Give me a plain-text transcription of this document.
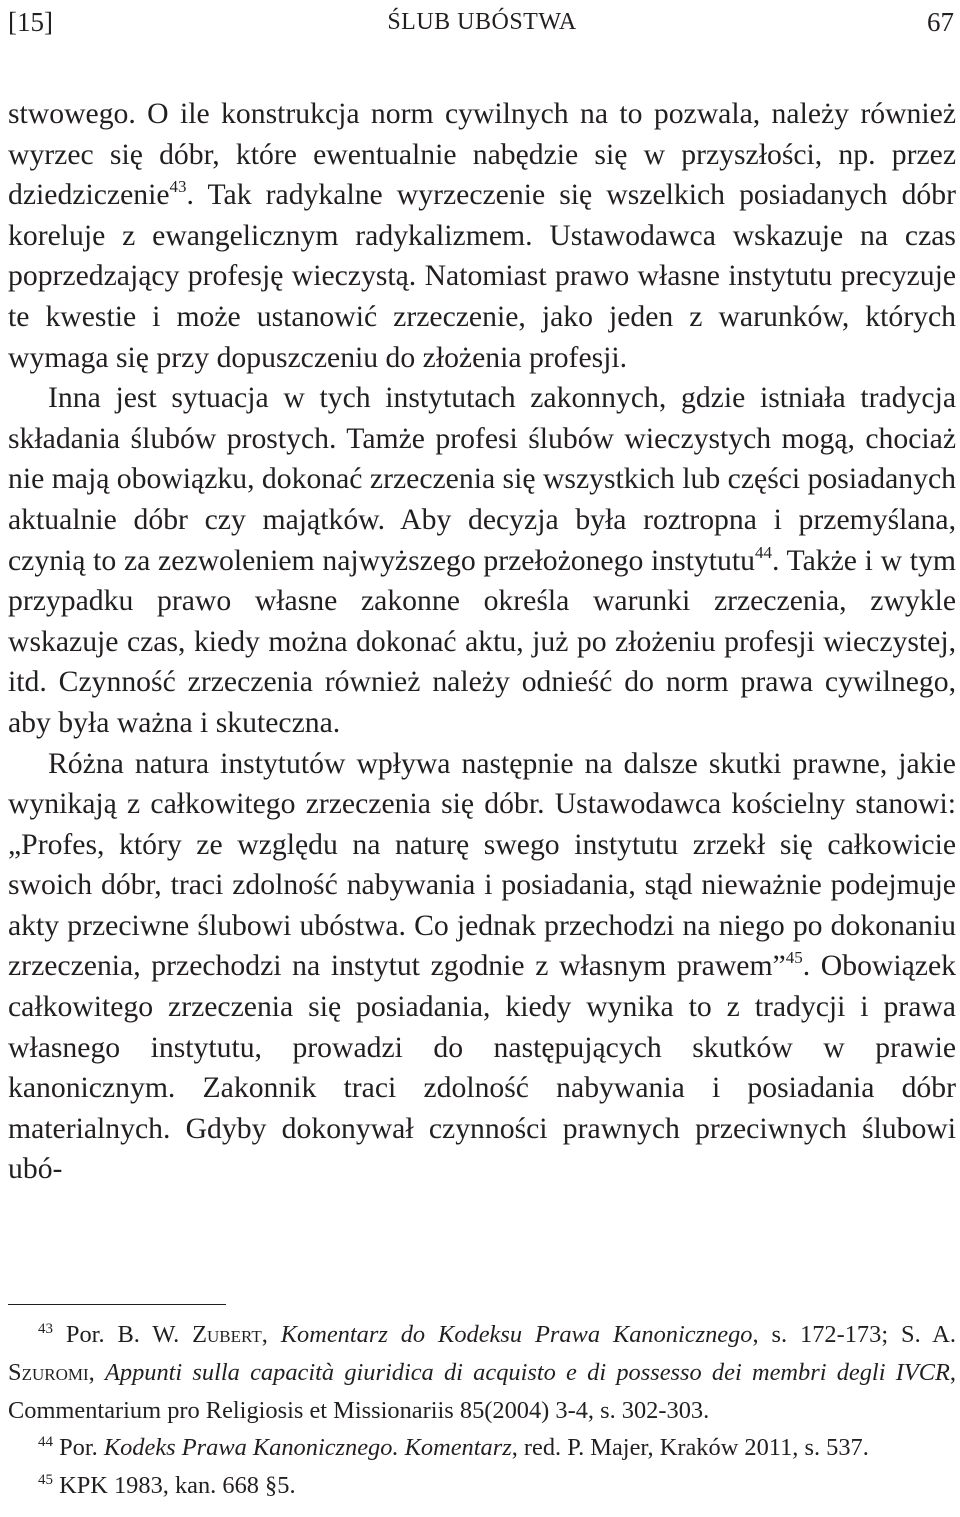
[15]	ŚLUB UBÓSTWA	67

stwowego. O ile konstrukcja norm cywilnych na to pozwala, należy również wyrzec się dóbr, które ewentualnie nabędzie się w przyszłości, np. przez dziedziczenie$^{43}$. Tak radykalne wyrzeczenie się wszelkich posiadanych dóbr koreluje z ewangelicznym radykalizmem. Ustawodawca wskazuje na czas poprzedzający profesję wieczystą. Natomiast prawo własne instytutu precyzuje te kwestie i może ustanowić zrzeczenie, jako jeden z warunków, których wymaga się przy dopuszczeniu do złożenia profesji.

Inna jest sytuacja w tych instytutach zakonnych, gdzie istniała tradycja składania ślubów prostych. Tamże profesi ślubów wieczystych mogą, chociaż nie mają obowiązku, dokonać zrzeczenia się wszystkich lub części posiadanych aktualnie dóbr czy majątków. Aby decyzja była roztropna i przemyślana, czynią to za zezwoleniem najwyższego przełożonego instytutu$^{44}$. Także i w tym przypadku prawo własne zakonne określa warunki zrzeczenia, zwykle wskazuje czas, kiedy można dokonać aktu, już po złożeniu profesji wieczystej, itd. Czynność zrzeczenia również należy odnieść do norm prawa cywilnego, aby była ważna i skuteczna.

Różna natura instytutów wpływa następnie na dalsze skutki prawne, jakie wynikają z całkowitego zrzeczenia się dóbr. Ustawodawca kościelny stanowi: „Profes, który ze względu na naturę swego instytutu zrzekł się całkowicie swoich dóbr, traci zdolność nabywania i posiadania, stąd nieważnie podejmuje akty przeciwne ślubowi ubóstwa. Co jednak przechodzi na niego po dokonaniu zrzeczenia, przechodzi na instytut zgodnie z własnym prawem”$^{45}$. Obowiązek całkowitego zrzeczenia się posiadania, kiedy wynika to z tradycji i prawa własnego instytutu, prowadzi do następujących skutków w prawie kanonicznym. Zakonnik traci zdolność nabywania i posiadania dóbr materialnych. Gdyby dokonywał czynności prawnych przeciwnych ślubowi ubó-

$^{43}$ Por. B. W. Zubert, Komentarz do Kodeksu Prawa Kanonicznego, s. 172-173; S. A. Szuromi, Appunti sulla capacità giuridica di acquisto e di possesso dei membri degli IVCR, Commentarium pro Religiosis et Missionariis 85(2004) 3-4, s. 302-303.

$^{44}$ Por. Kodeks Prawa Kanonicznego. Komentarz, red. P. Majer, Kraków 2011, s. 537.

$^{45}$ KPK 1983, kan. 668 §5.
